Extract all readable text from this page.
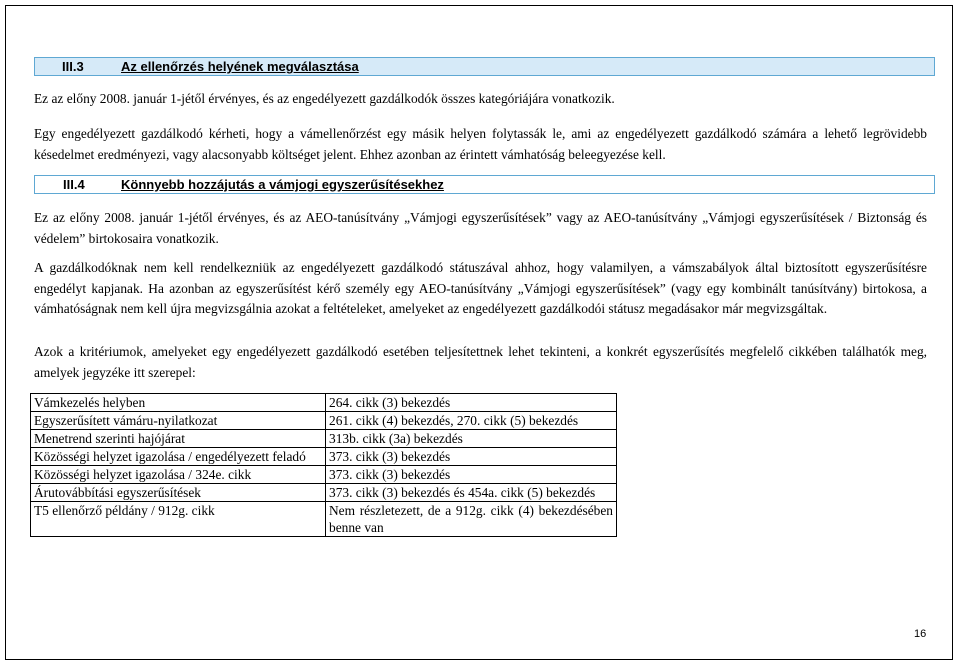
III.3	Az ellenőrzés helyének megválasztása

Ez az előny 2008. január 1-jétől érvényes, és az engedélyezett gazdálkodók összes kategóriájára vonatkozik.

Egy engedélyezett gazdálkodó kérheti, hogy a vámellenőrzést egy másik helyen folytassák le, ami az engedélyezett gazdálkodó számára a lehető legrövidebb késedelmet eredményezi, vagy alacsonyabb költséget jelent. Ehhez azonban az érintett vámhatóság beleegyezése kell.

III.4	Könnyebb hozzájutás a vámjogi egyszerűsítésekhez

Ez az előny 2008. január 1-jétől érvényes, és az AEO-tanúsítvány „Vámjogi egyszerűsítések” vagy az AEO-tanúsítvány „Vámjogi egyszerűsítések / Biztonság és védelem” birtokosaira vonatkozik.

A gazdálkodóknak nem kell rendelkezniük az engedélyezett gazdálkodó státuszával ahhoz, hogy valamilyen, a vámszabályok által biztosított egyszerűsítésre engedélyt kapjanak. Ha azonban az egyszerűsítést kérő személy egy AEO-tanúsítvány „Vámjogi egyszerűsítések” (vagy egy kombinált tanúsítvány) birtokosa, a vámhatóságnak nem kell újra megvizsgálnia azokat a feltételeket, amelyeket az engedélyezett gazdálkodói státusz megadásakor már megvizsgáltak.

Azok a kritériumok, amelyeket egy engedélyezett gazdálkodó esetében teljesítettnek lehet tekinteni, a konkrét egyszerűsítés megfelelő cikkében találhatók meg, amelyek jegyzéke itt szerepel:

Vámkezelés helyben	264. cikk (3) bekezdés
Egyszerűsített vámáru-nyilatkozat	261. cikk (4) bekezdés, 270. cikk (5) bekezdés
Menetrend szerinti hajójárat	313b. cikk (3a) bekezdés
Közösségi helyzet igazolása / engedélyezett feladó	373. cikk (3) bekezdés
Közösségi helyzet igazolása / 324e. cikk	373. cikk (3) bekezdés
Árutovábbítási egyszerűsítések	373. cikk (3) bekezdés és 454a. cikk (5) bekezdés
T5 ellenőrző példány / 912g. cikk	Nem részletezett, de a 912g. cikk (4) bekezdésében benne van
16
